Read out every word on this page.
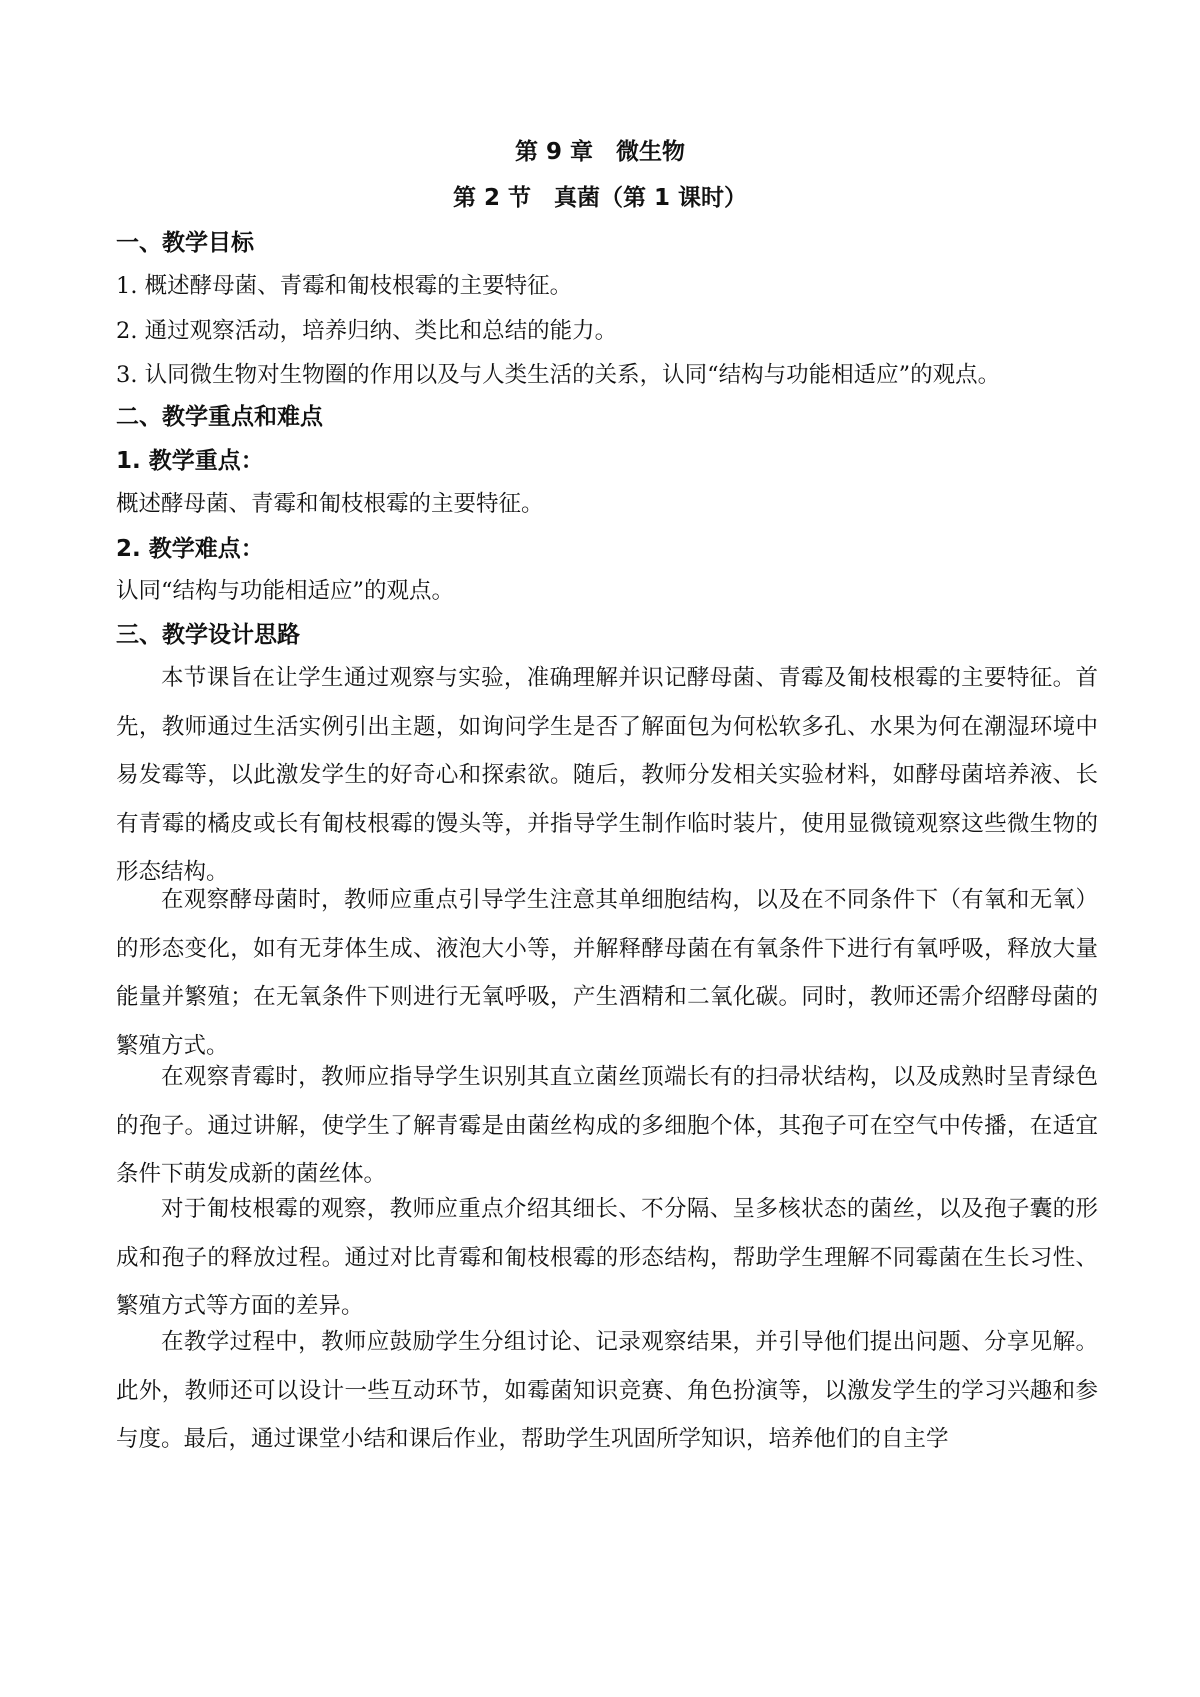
第 9 章　微生物
第 2 节　真菌（第 1 课时）
一、教学目标
1. 概述酵母菌、青霉和匍枝根霉的主要特征。
2. 通过观察活动，培养归纳、类比和总结的能力。
3. 认同微生物对生物圈的作用以及与人类生活的关系，认同“结构与功能相适应”的观点。
二、教学重点和难点
1. 教学重点：
概述酵母菌、青霉和匍枝根霉的主要特征。
2. 教学难点：
认同“结构与功能相适应”的观点。
三、教学设计思路

本节课旨在让学生通过观察与实验，准确理解并识记酵母菌、青霉及匍枝根霉的主要特征。首先，教师通过生活实例引出主题，如询问学生是否了解面包为何松软多孔、水果为何在潮湿环境中易发霉等，以此激发学生的好奇心和探索欲。随后，教师分发相关实验材料，如酵母菌培养液、长有青霉的橘皮或长有匍枝根霉的馒头等，并指导学生制作临时装片，使用显微镜观察这些微生物的形态结构。

在观察酵母菌时，教师应重点引导学生注意其单细胞结构，以及在不同条件下（有氧和无氧）的形态变化，如有无芽体生成、液泡大小等，并解释酵母菌在有氧条件下进行有氧呼吸，释放大量能量并繁殖；在无氧条件下则进行无氧呼吸，产生酒精和二氧化碳。同时，教师还需介绍酵母菌的繁殖方式。

在观察青霉时，教师应指导学生识别其直立菌丝顶端长有的扫帚状结构，以及成熟时呈青绿色的孢子。通过讲解，使学生了解青霉是由菌丝构成的多细胞个体，其孢子可在空气中传播，在适宜条件下萌发成新的菌丝体。

对于匍枝根霉的观察，教师应重点介绍其细长、不分隔、呈多核状态的菌丝，以及孢子囊的形成和孢子的释放过程。通过对比青霉和匍枝根霉的形态结构，帮助学生理解不同霉菌在生长习性、繁殖方式等方面的差异。

在教学过程中，教师应鼓励学生分组讨论、记录观察结果，并引导他们提出问题、分享见解。此外，教师还可以设计一些互动环节，如霉菌知识竞赛、角色扮演等，以激发学生的学习兴趣和参与度。最后，通过课堂小结和课后作业，帮助学生巩固所学知识，培养他们的自主学
